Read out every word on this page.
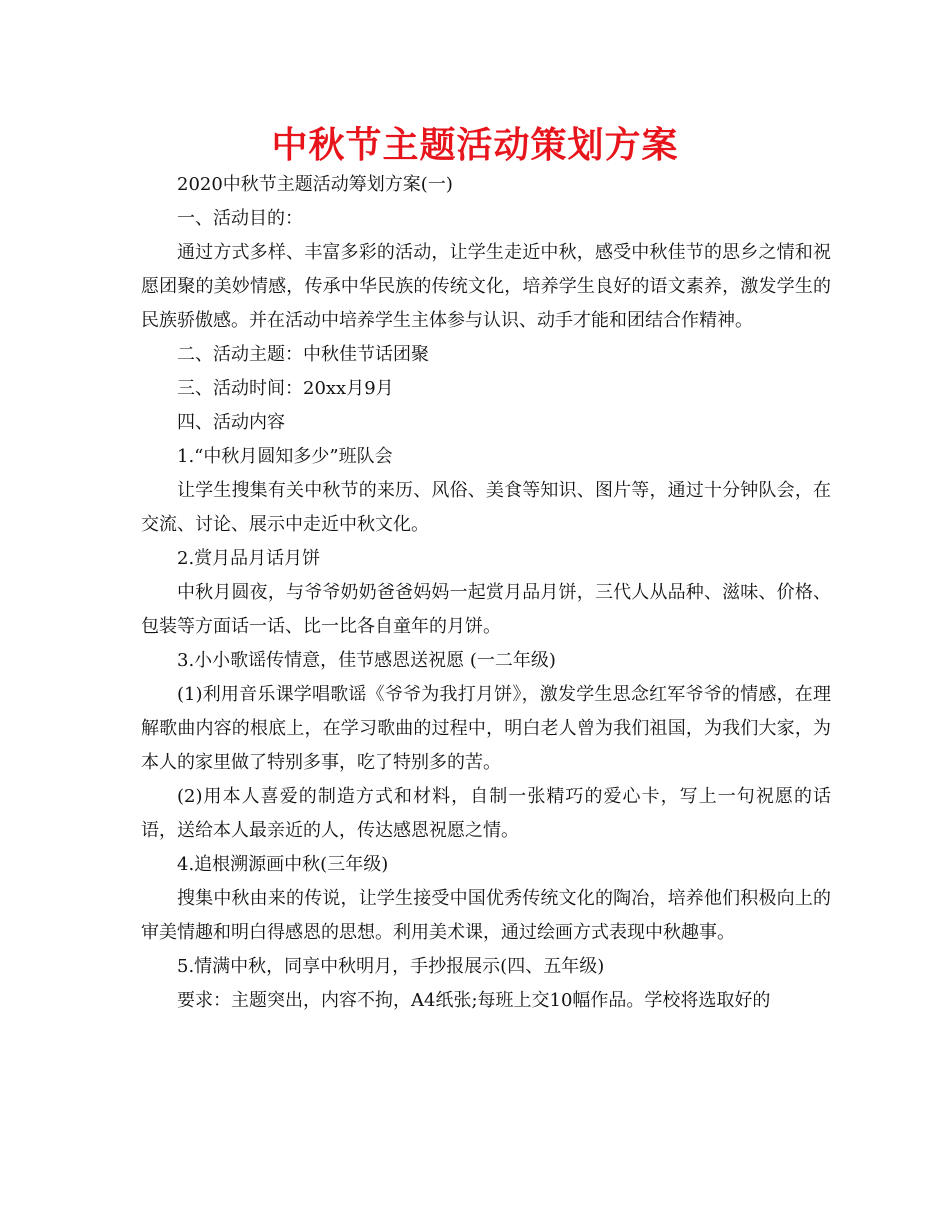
中秋节主题活动策划方案

2020中秋节主题活动筹划方案(一)

一、活动目的：

通过方式多样、丰富多彩的活动，让学生走近中秋，感受中秋佳节的思乡之情和祝愿团聚的美妙情感，传承中华民族的传统文化，培养学生良好的语文素养，激发学生的民族骄傲感。并在活动中培养学生主体参与认识、动手才能和团结合作精神。

二、活动主题：中秋佳节话团聚

三、活动时间：20xx月9月

四、活动内容

1.“中秋月圆知多少”班队会

让学生搜集有关中秋节的来历、风俗、美食等知识、图片等，通过十分钟队会，在交流、讨论、展示中走近中秋文化。

2.赏月品月话月饼

中秋月圆夜，与爷爷奶奶爸爸妈妈一起赏月品月饼，三代人从品种、滋味、价格、包装等方面话一话、比一比各自童年的月饼。

3.小小歌谣传情意，佳节感恩送祝愿 (一二年级)

(1)利用音乐课学唱歌谣《爷爷为我打月饼》，激发学生思念红军爷爷的情感，在理解歌曲内容的根底上，在学习歌曲的过程中，明白老人曾为我们祖国，为我们大家，为本人的家里做了特别多事，吃了特别多的苦。

(2)用本人喜爱的制造方式和材料，自制一张精巧的爱心卡，写上一句祝愿的话语，送给本人最亲近的人，传达感恩祝愿之情。

4.追根溯源画中秋(三年级)

搜集中秋由来的传说，让学生接受中国优秀传统文化的陶冶，培养他们积极向上的审美情趣和明白得感恩的思想。利用美术课，通过绘画方式表现中秋趣事。

5.情满中秋，同享中秋明月，手抄报展示(四、五年级)

要求：主题突出，内容不拘，A4纸张;每班上交10幅作品。学校将选取好的
